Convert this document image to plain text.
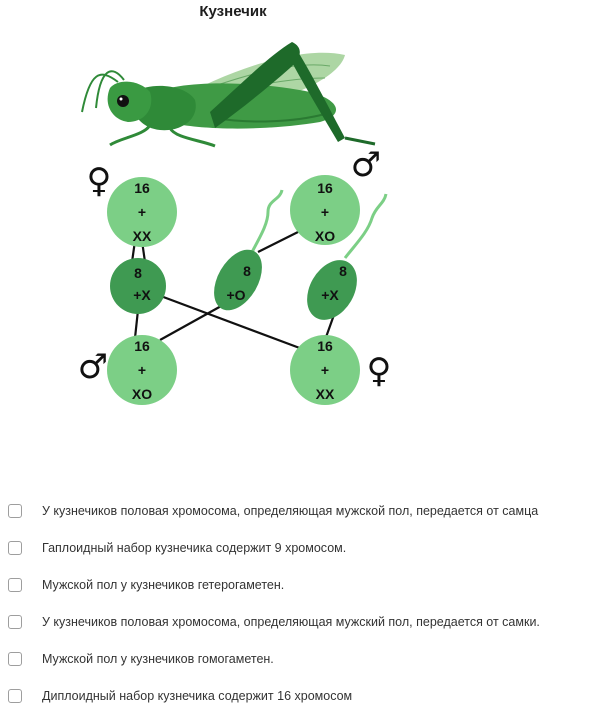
Кузнечик
16
+
XX
16
+
XO
8
+X
8
+O
8
+X
16
+
XO
16
+
XX
♀	♂
♂	♀
У кузнечиков половая хромосома, определяющая мужской пол, передается от самца
Гаплоидный набор кузнечика содержит 9 хромосом.
Мужской пол у кузнечиков гетерогаметен.
У кузнечиков половая хромосома, определяющая мужский пол, передается от самки.
Мужской пол у кузнечиков гомогаметен.
Диплоидный набор кузнечика содержит 16 хромосом
